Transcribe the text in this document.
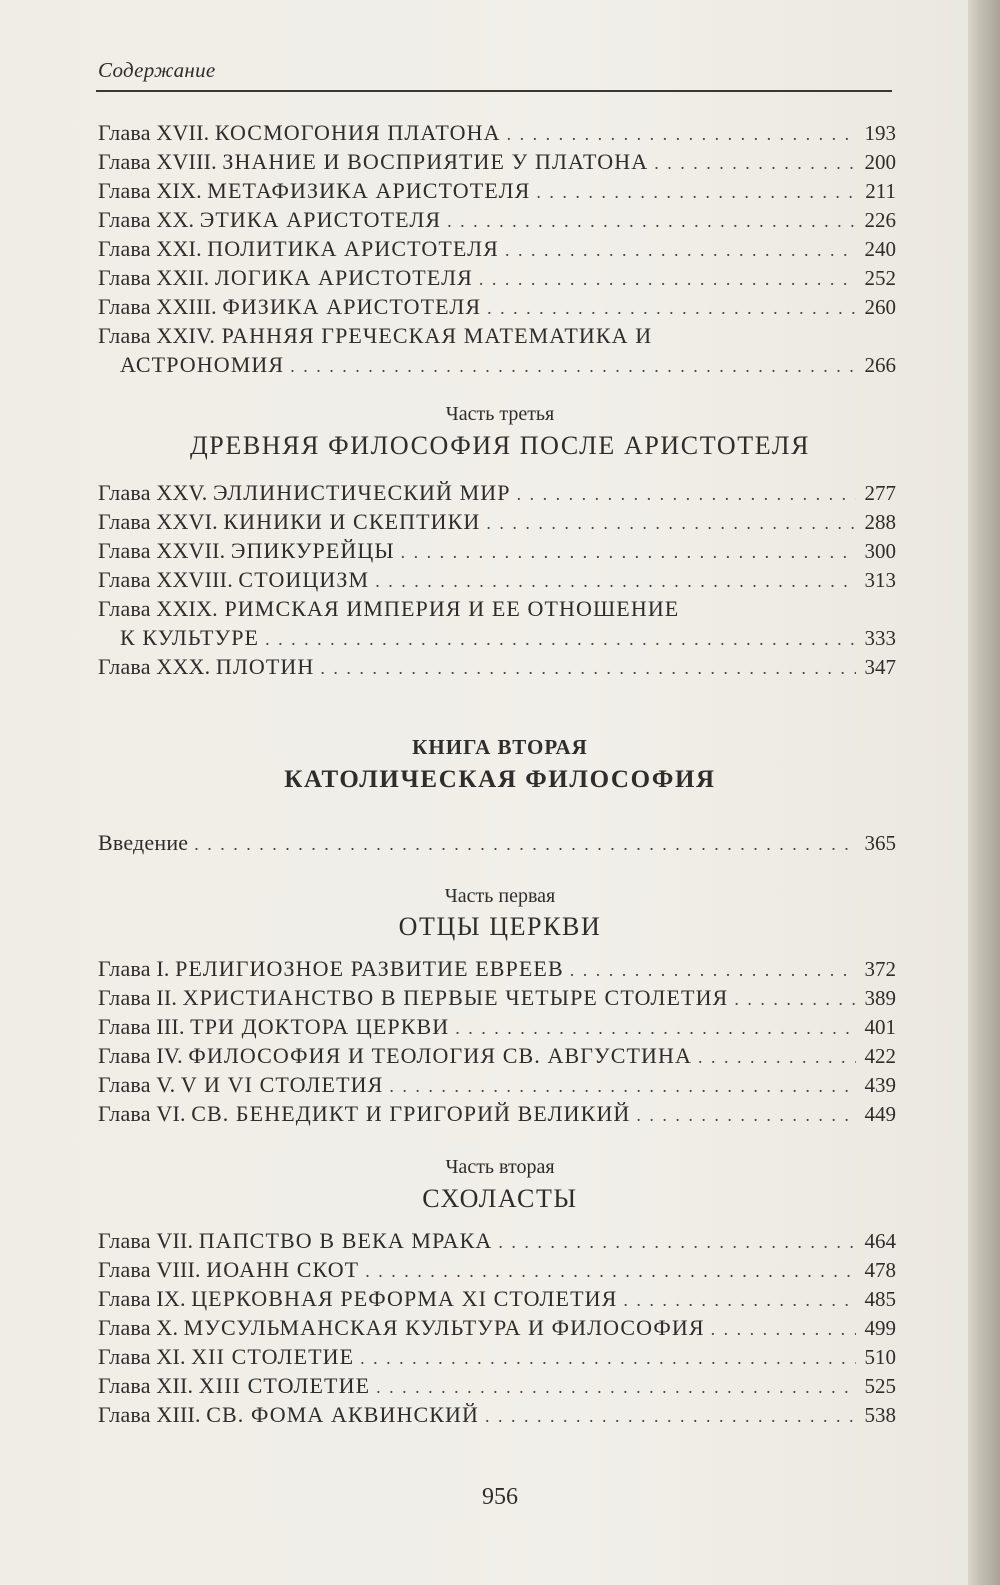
Содержание
Глава XVII. КОСМОГОНИЯ ПЛАТОНА . . .	193
Глава XVIII. ЗНАНИЕ И ВОСПРИЯТИЕ У ПЛАТОНА . . .	200
Глава XIX. МЕТАФИЗИКА АРИСТОТЕЛЯ . . .	211
Глава XX. ЭТИКА АРИСТОТЕЛЯ . . .	226
Глава XXI. ПОЛИТИКА АРИСТОТЕЛЯ . . .	240
Глава XXII. ЛОГИКА АРИСТОТЕЛЯ . . .	252
Глава XXIII. ФИЗИКА АРИСТОТЕЛЯ . . .	260
Глава XXIV. РАННЯЯ ГРЕЧЕСКАЯ МАТЕМАТИКА И
АСТРОНОМИЯ . . .	266
Часть третья
ДРЕВНЯЯ ФИЛОСОФИЯ ПОСЛЕ АРИСТОТЕЛЯ
Глава XXV. ЭЛЛИНИСТИЧЕСКИЙ МИР . . .	277
Глава XXVI. КИНИКИ И СКЕПТИКИ . . .	288
Глава XXVII. ЭПИКУРЕЙЦЫ . . .	300
Глава XXVIII. СТОИЦИЗМ . . .	313
Глава XXIX. РИМСКАЯ ИМПЕРИЯ И ЕЕ ОТНОШЕНИЕ
К КУЛЬТУРЕ . . .	333
Глава XXX. ПЛОТИН . . .	347
КНИГА ВТОРАЯ
КАТОЛИЧЕСКАЯ ФИЛОСОФИЯ
Введение . . .	365
Часть первая
ОТЦЫ ЦЕРКВИ
Глава I. РЕЛИГИОЗНОЕ РАЗВИТИЕ ЕВРЕЕВ . . .	372
Глава II. ХРИСТИАНСТВО В ПЕРВЫЕ ЧЕТЫРЕ СТОЛЕТИЯ . . .	389
Глава III. ТРИ ДОКТОРА ЦЕРКВИ . . .	401
Глава IV. ФИЛОСОФИЯ И ТЕОЛОГИЯ СВ. АВГУСТИНА . . .	422
Глава V. V И VI СТОЛЕТИЯ . . .	439
Глава VI. СВ. БЕНЕДИКТ И ГРИГОРИЙ ВЕЛИКИЙ . . .	449
Часть вторая
СХОЛАСТЫ
Глава VII. ПАПСТВО В ВЕКА МРАКА . . .	464
Глава VIII. ИОАНН СКОТ . . .	478
Глава IX. ЦЕРКОВНАЯ РЕФОРМА XI СТОЛЕТИЯ . . .	485
Глава X. МУСУЛЬМАНСКАЯ КУЛЬТУРА И ФИЛОСОФИЯ . . .	499
Глава XI. XII СТОЛЕТИЕ . . .	510
Глава XII. XIII СТОЛЕТИЕ . . .	525
Глава XIII. СВ. ФОМА АКВИНСКИЙ . . .	538
956
